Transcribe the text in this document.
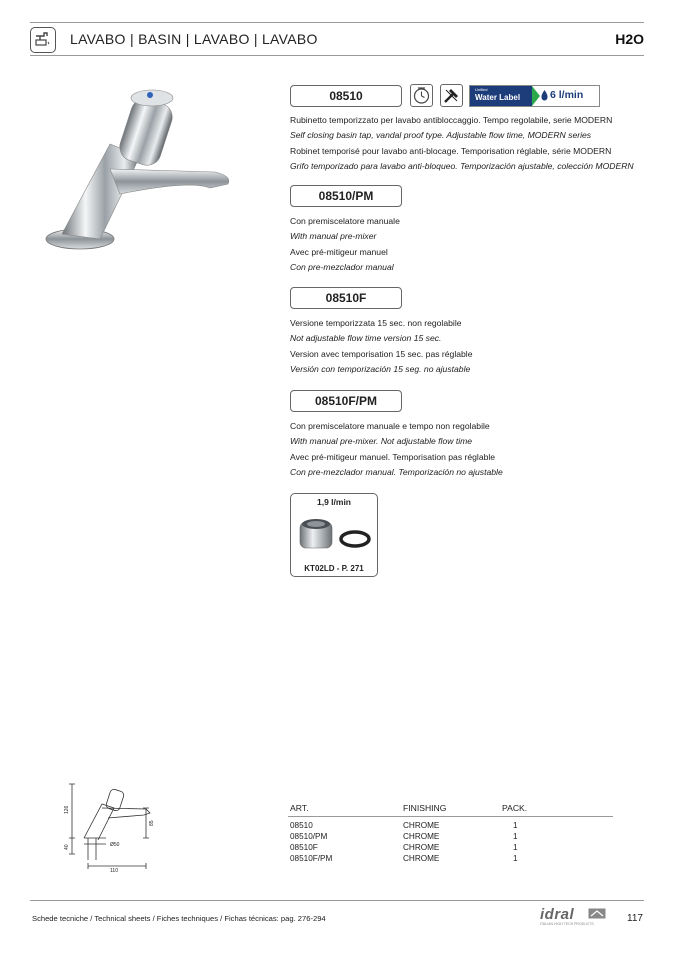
LAVABO | BASIN | LAVABO | LAVABO	H2O
08510	Unified
Water Label	6 l/min
Rubinetto temporizzato per lavabo antibloccaggio. Tempo regolabile, serie MODERN
Self closing basin tap, vandal proof type. Adjustable flow time, MODERN series
Robinet temporisé pour lavabo anti-blocage. Temporisation réglable, série MODERN
Grifo temporizado para lavabo anti-bloqueo. Temporización ajustable, colección MODERN
08510/PM
Con premiscelatore manuale
With manual pre-mixer
Avec pré-mitigeur manuel
Con pre-mezclador manual
08510F
Versione temporizzata 15 sec. non regolabile
Not adjustable flow time version 15 sec.
Version avec temporisation 15 sec. pas réglable
Versión con temporización 15 seg. no ajustable
08510F/PM
Con premiscelatore manuale e tempo non regolabile
With manual pre-mixer. Not adjustable flow time
Avec pré-mitigeur manuel. Temporisation pas réglable
Con pre-mezclador manual. Temporización no ajustable
1,9 l/min
KT02LD - P. 271
126
85
40	Ø50
110
ART.	FINISHING	PACK.
08510	CHROME	1
08510/PM	CHROME	1
08510F	CHROME	1
08510F/PM	CHROME	1
Schede tecniche / Technical sheets / Fiches techniques / Fichas técnicas: pag. 276-294	idral
ITALIAN HIGH TECH PRODUCTS	117
